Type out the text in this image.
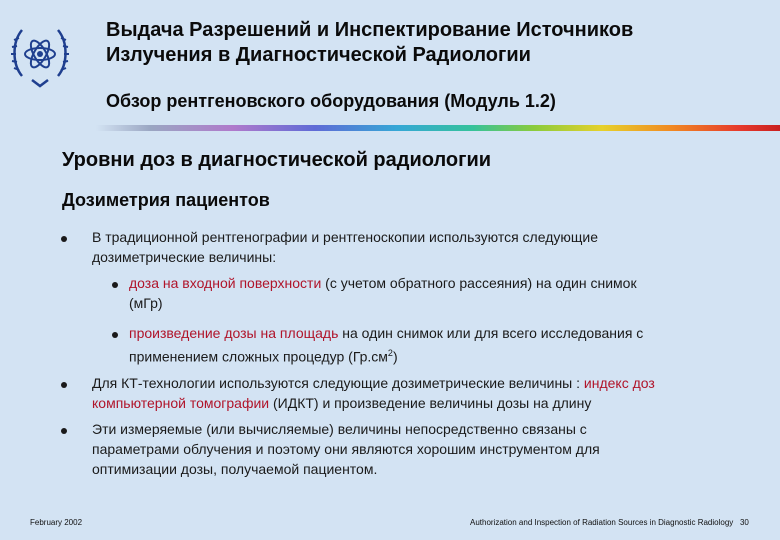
Выдача Разрешений и Инспектирование Источников
Излучения в Диагностической Радиологии
Обзор рентгеновского оборудования (Модуль 1.2)
Уровни доз в диагностической радиологии
Дозиметрия пациентов
В традиционной рентгенографии и рентгеноскопии используются следующие
дозиметрические величины:
доза на входной поверхности (с учетом обратного рассеяния) на один снимок
(мГр)
произведение дозы на площадь на один снимок или для всего исследования с
применением сложных процедур $(Гр.см^2)$
Для КТ-технологии используются следующие дозиметрические величины : индекс доз
компьютерной томографии (ИДКТ) и произведение величины дозы на длину
Эти измеряемые (или вычисляемые) величины непосредственно связаны с
параметрами облучения и поэтому они являются хорошим инструментом для
оптимизации дозы, получаемой пациентом.
February 2002	Authorization and Inspection of Radiation Sources in Diagnostic Radiology 30
